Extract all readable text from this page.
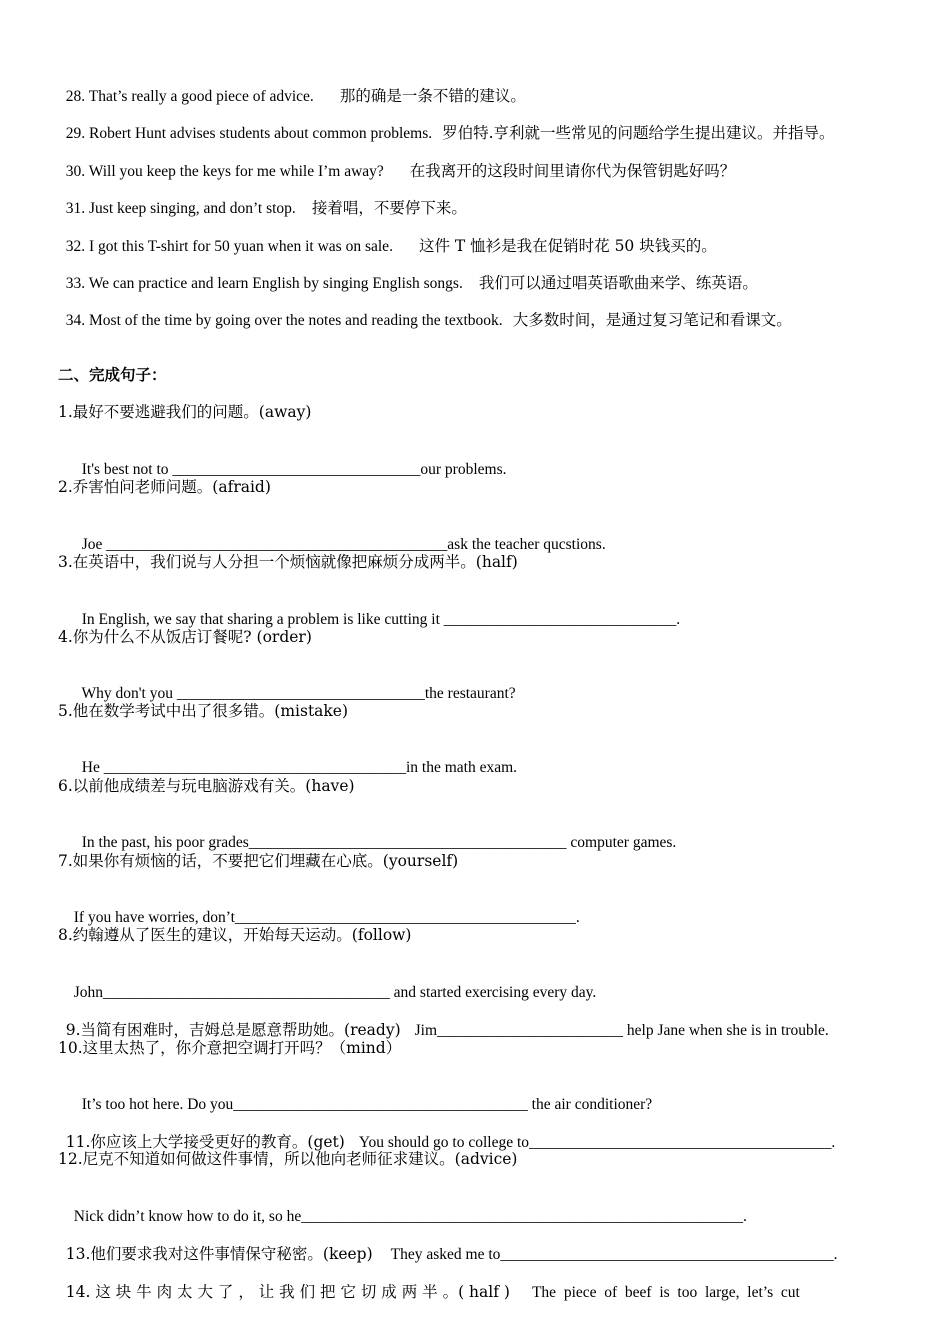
28. That’s really a good piece of advice. 那的确是一条不错的建议。

29. Robert Hunt advises students about common problems. 罗伯特.亨利就一些常见的问题给学生提出建议。并指导。

30. Will you keep the keys for me while I’m away? 在我离开的这段时间里请你代为保管钥匙好吗？

31. Just keep singing, and don’t stop. 接着唱，不要停下来。

32. I got this T-shirt for 50 yuan when it was on sale. 这件 T 恤衫是我在促销时花 50 块钱买的。

33. We can practice and learn English by singing English songs. 我们可以通过唱英语歌曲来学、练英语。

34. Most of the time by going over the notes and reading the textbook. 大多数时间，是通过复习笔记和看课文。

二、完成句子：
1.最好不要逃避我们的问题。(away)

It's best not to ________________________________our problems.

2.乔害怕问老师问题。(afraid)

Joe ____________________________________________ask the teacher qucstions.

3.在英语中，我们说与人分担一个烦恼就像把麻烦分成两半。(half)

In English, we say that sharing a problem is like cutting it ______________________________.

4.你为什么不从饭店订餐呢? (order)

Why don't you ________________________________the restaurant?

5.他在数学考试中出了很多错。(mistake)

He _______________________________________in the math exam.

6.以前他成绩差与玩电脑游戏有关。(have)

In the past, his poor grades_________________________________________ computer games.

7.如果你有烦恼的话，不要把它们埋藏在心底。(yourself)

If you have worries, don’t____________________________________________.

8.约翰遵从了医生的建议，开始每天运动。(follow)

John_____________________________________ and started exercising every day.

9.当简有困难时，吉姆总是愿意帮助她。(ready) Jim________________________ help Jane when she is in trouble.

10.这里太热了，你介意把空调打开吗？（mind）

It’s too hot here. Do you______________________________________ the air conditioner?

11.你应该上大学接受更好的教育。(get) You should go to college to_______________________________________.

12.尼克不知道如何做这件事情，所以他向老师征求建议。(advice)

Nick didn’t know how to do it, so he_________________________________________________________.

13.他们要求我对这件事情保守秘密。(keep) They asked me to___________________________________________.

14. 这 块 牛 肉 太 大 了 ， 让 我 们 把 它 切 成 两 半 。( half ) The  piece  of  beef  is  too  large,  let’s  cut
